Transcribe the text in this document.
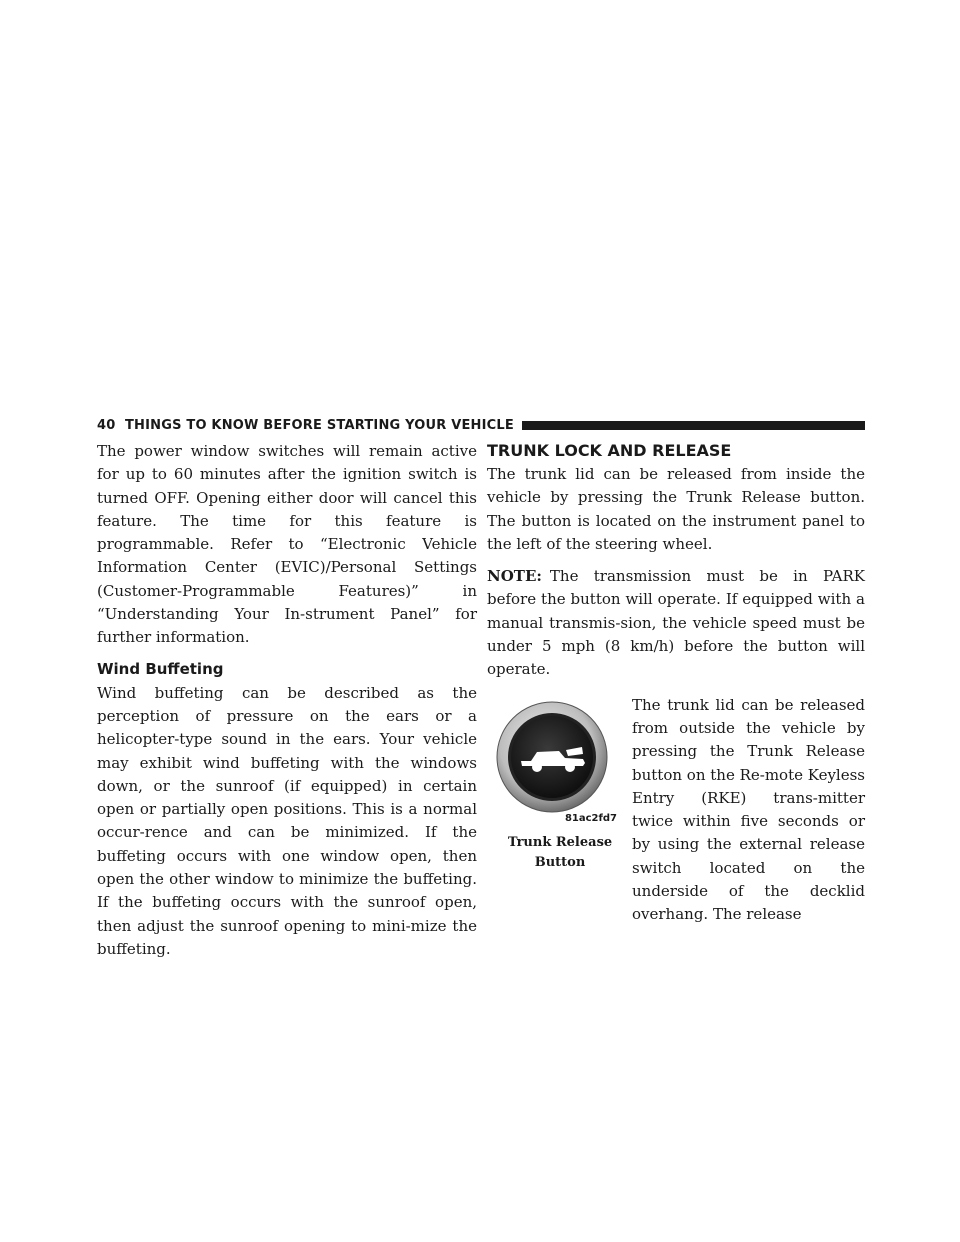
40 THINGS TO KNOW BEFORE STARTING YOUR VEHICLE

The power window switches will remain active for up to 60 minutes after the ignition switch is turned OFF. Opening either door will cancel this feature. The time for this feature is programmable. Refer to “Electronic Vehicle Information Center (EVIC)/Personal Settings (Customer-Programmable Features)” in “Understanding Your In-strument Panel” for further information.

Wind Buffeting

Wind buffeting can be described as the perception of pressure on the ears or a helicopter-type sound in the ears. Your vehicle may exhibit wind buffeting with the windows down, or the sunroof (if equipped) in certain open or partially open positions. This is a normal occur-rence and can be minimized. If the buffeting occurs with one window open, then open the other window to minimize the buffeting. If the buffeting occurs with the sunroof open, then adjust the sunroof opening to mini-mize the buffeting.

TRUNK LOCK AND RELEASE

The trunk lid can be released from inside the vehicle by pressing the Trunk Release button. The button is located on the instrument panel to the left of the steering wheel.

NOTE: The transmission must be in PARK before the button will operate. If equipped with a manual transmis-sion, the vehicle speed must be under 5 mph (8 km/h) before the button will operate.

81ac2fd7
Trunk Release
Button

The trunk lid can be released from outside the vehicle by pressing the Trunk Release button on the Re-mote Keyless Entry (RKE) trans-mitter twice within five seconds or by using the external release switch located on the underside of the decklid overhang. The release
